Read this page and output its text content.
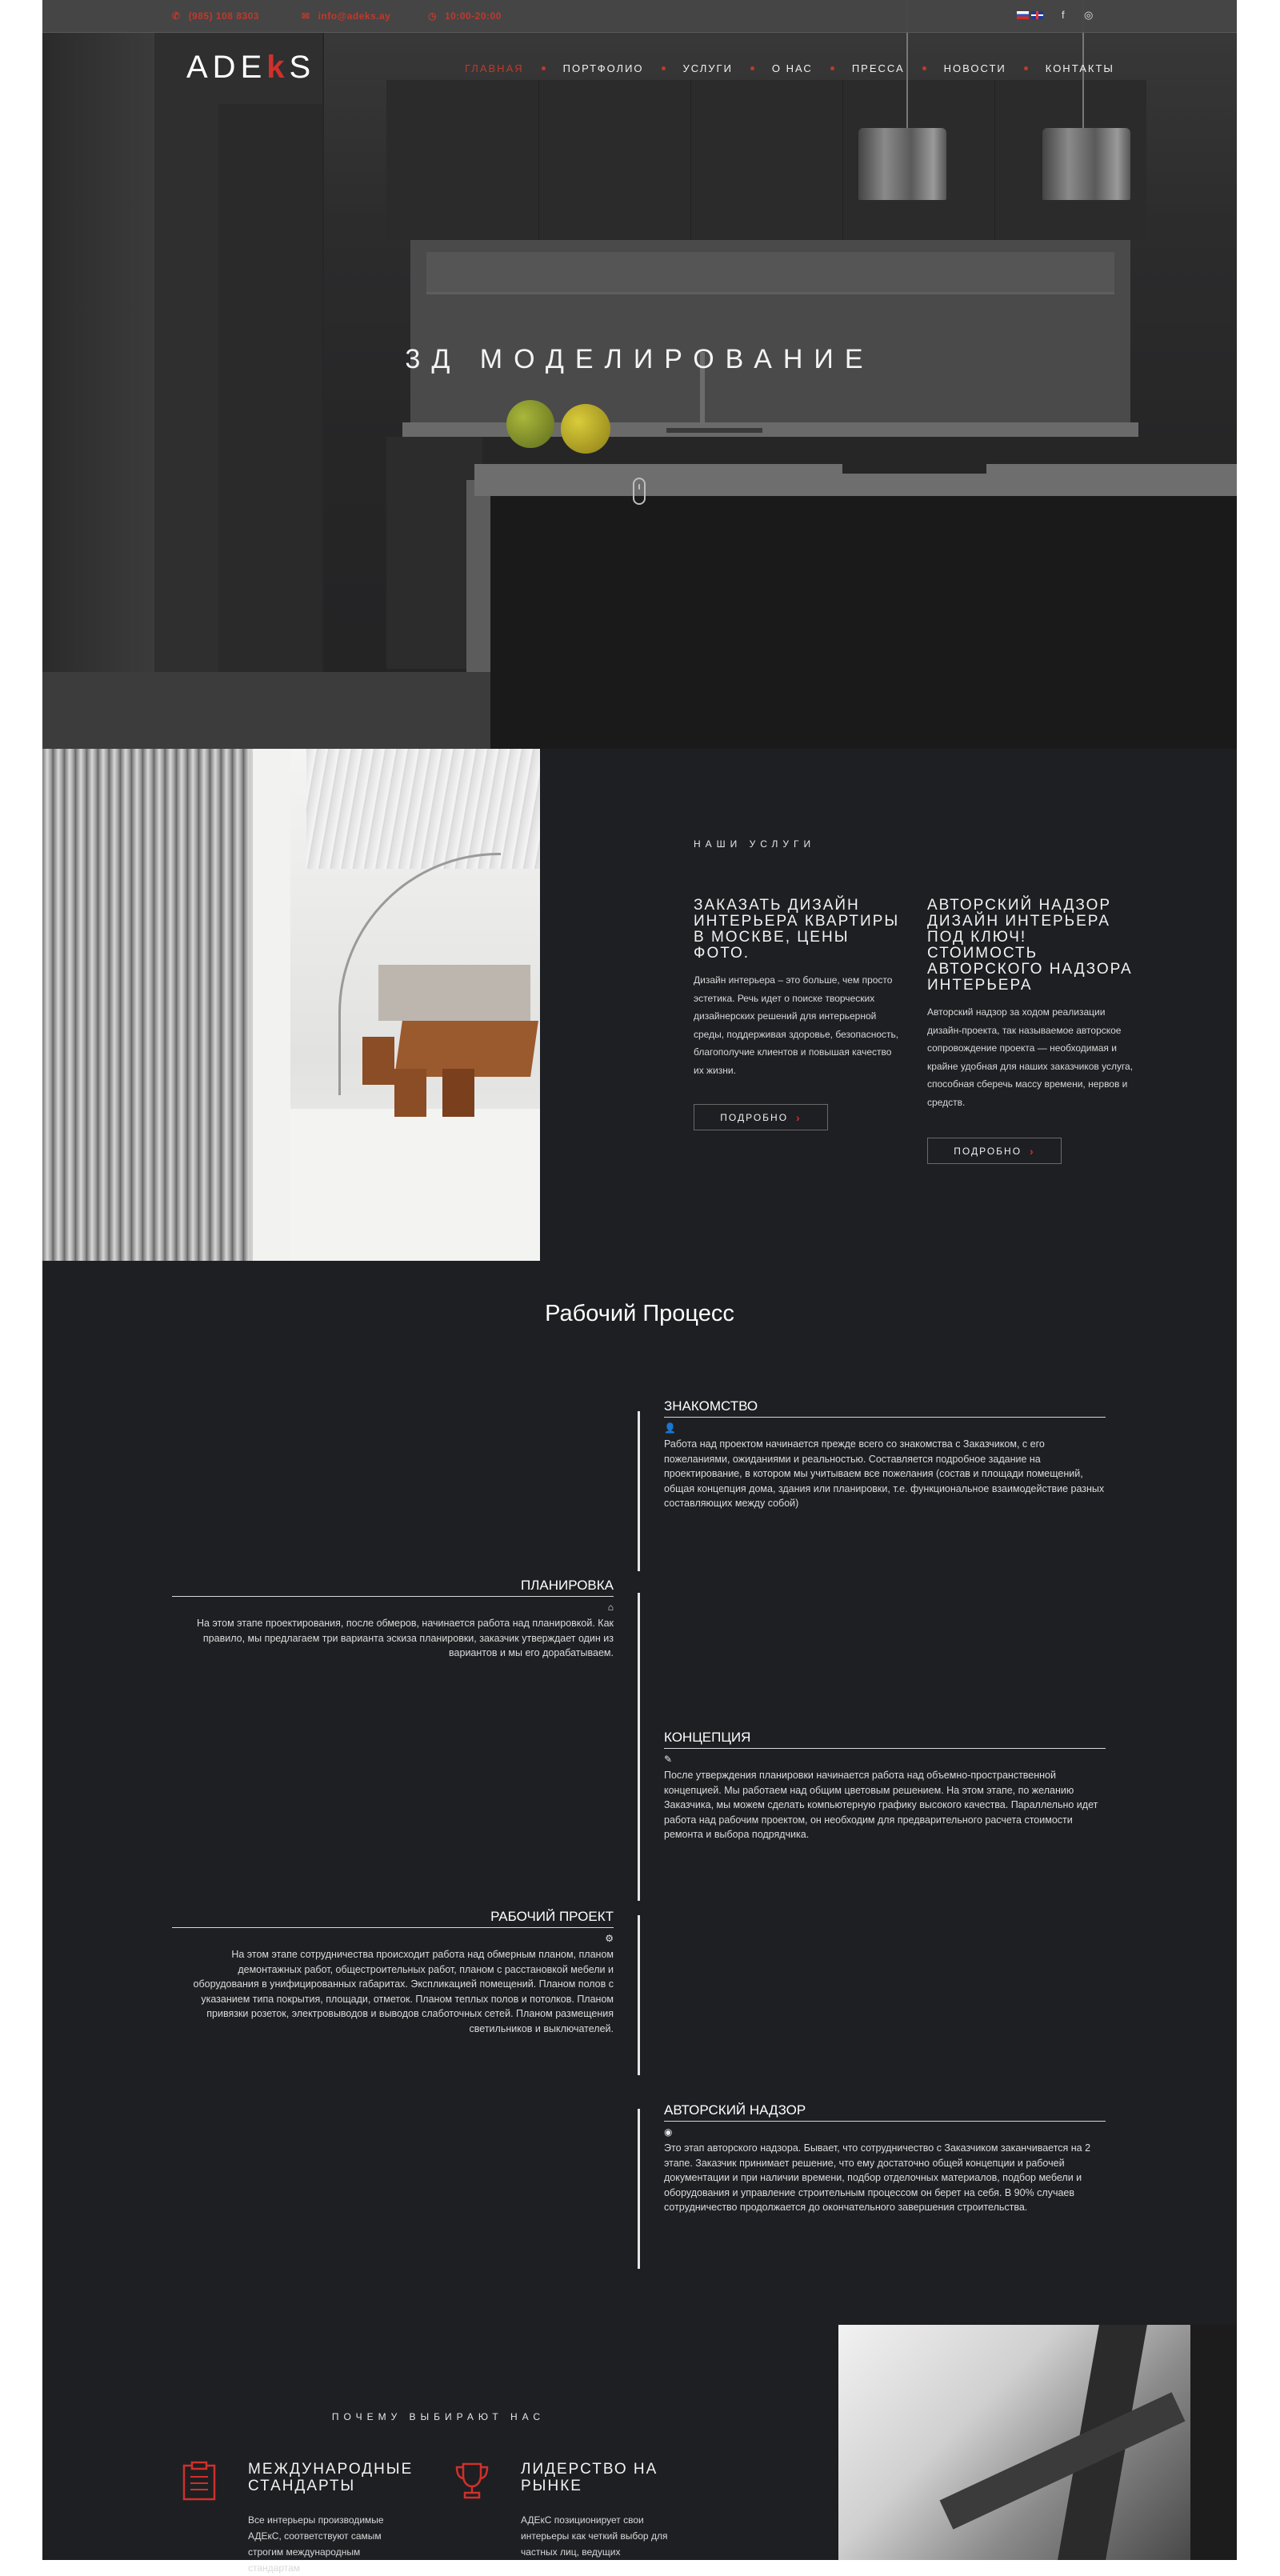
3Д МОДЕЛИРОВАНИЕ
✆ (985) 108 8303	✉ info@adeks.ay	◷ 10:00-20:00	f ◎
ADEkS	ГЛАВНАЯ	ПОРТФОЛИО	УСЛУГИ	О НАС	ПРЕССА	НОВОСТИ	КОНТАКТЫ
НАШИ УСЛУГИ
ЗАКАЗАТЬ ДИЗАЙН ИНТЕРЬЕРА КВАРТИРЫ В МОСКВЕ, ЦЕНЫ ФОТО.

Дизайн интерьера – это больше, чем просто эстетика. Речь идет о поиске творческих дизайнерских решений для интерьерной среды, поддерживая здоровье, безопасность, благополучие клиентов и повышая качество их жизни.

ПОДРОБНО ›
АВТОРСКИЙ НАДЗОР ДИЗАЙН ИНТЕРЬЕРА ПОД КЛЮЧ! СТОИМОСТЬ АВТОРСКОГО НАДЗОРА ИНТЕРЬЕРА

Авторский надзор за ходом реализации дизайн-проекта, так называемое авторское сопровождение проекта — необходимая и крайне удобная для наших заказчиков услуга, способная сберечь массу времени, нервов и средств.

ПОДРОБНО ›
Рабочий Процесс
ЗНАКОМСТВО
👤

Работа над проектом начинается прежде всего со знакомства с Заказчиком, с его пожеланиями, ожиданиями и реальностью. Составляется подробное задание на проектирование, в котором мы учитываем все пожелания (состав и площади помещений, общая концепция дома, здания или планировки, т.е. функциональное взаимодействие разных составляющих между собой)

ПЛАНИРОВКА
⌂

На этом этапе проектирования, после обмеров, начинается работа над планировкой. Как правило, мы предлагаем три варианта эскиза планировки, заказчик утверждает один из вариантов и мы его дорабатываем.

КОНЦЕПЦИЯ
✎

После утверждения планировки начинается работа над объемно-пространственной концепцией. Мы работаем над общим цветовым решением. На этом этапе, по желанию Заказчика, мы можем сделать компьютерную графику высокого качества. Параллельно идет работа над рабочим проектом, он необходим для предварительного расчета стоимости ремонта и выбора подрядчика.

РАБОЧИЙ ПРОЕКТ
⚙

На этом этапе сотрудничества происходит работа над обмерным планом, планом демонтажных работ, общестроительных работ, планом с расстановкой мебели и оборудования в унифицированных габаритах. Экспликацией помещений. Планом полов с указанием типа покрытия, площади, отметок. Планом теплых полов и потолков. Планом привязки розеток, электровыводов и выводов слаботочных сетей. Планом размещения светильников и выключателей.

АВТОРСКИЙ НАДЗОР
◉

Это этап авторского надзора. Бывает, что сотрудничество с Заказчиком заканчивается на 2 этапе. Заказчик принимает решение, что ему достаточно общей концепции и рабочей документации и при наличии времени, подбор отделочных материалов, подбор мебели и оборудования и управление строительным процессом он берет на себя. В 90% случаев сотрудничество продолжается до окончательного завершения строительства.

ПОЧЕМУ ВЫБИРАЮТ НАС
МЕЖДУНАРОДНЫЕ СТАНДАРТЫ

Все интерьеры производимые АДЕкС, соответствуют самым строгим международным стандартам

ЛИДЕРСТВО НА РЫНКЕ

АДЕкС позиционирует свои интерьеры как четкий выбор для частных лиц, ведущих
